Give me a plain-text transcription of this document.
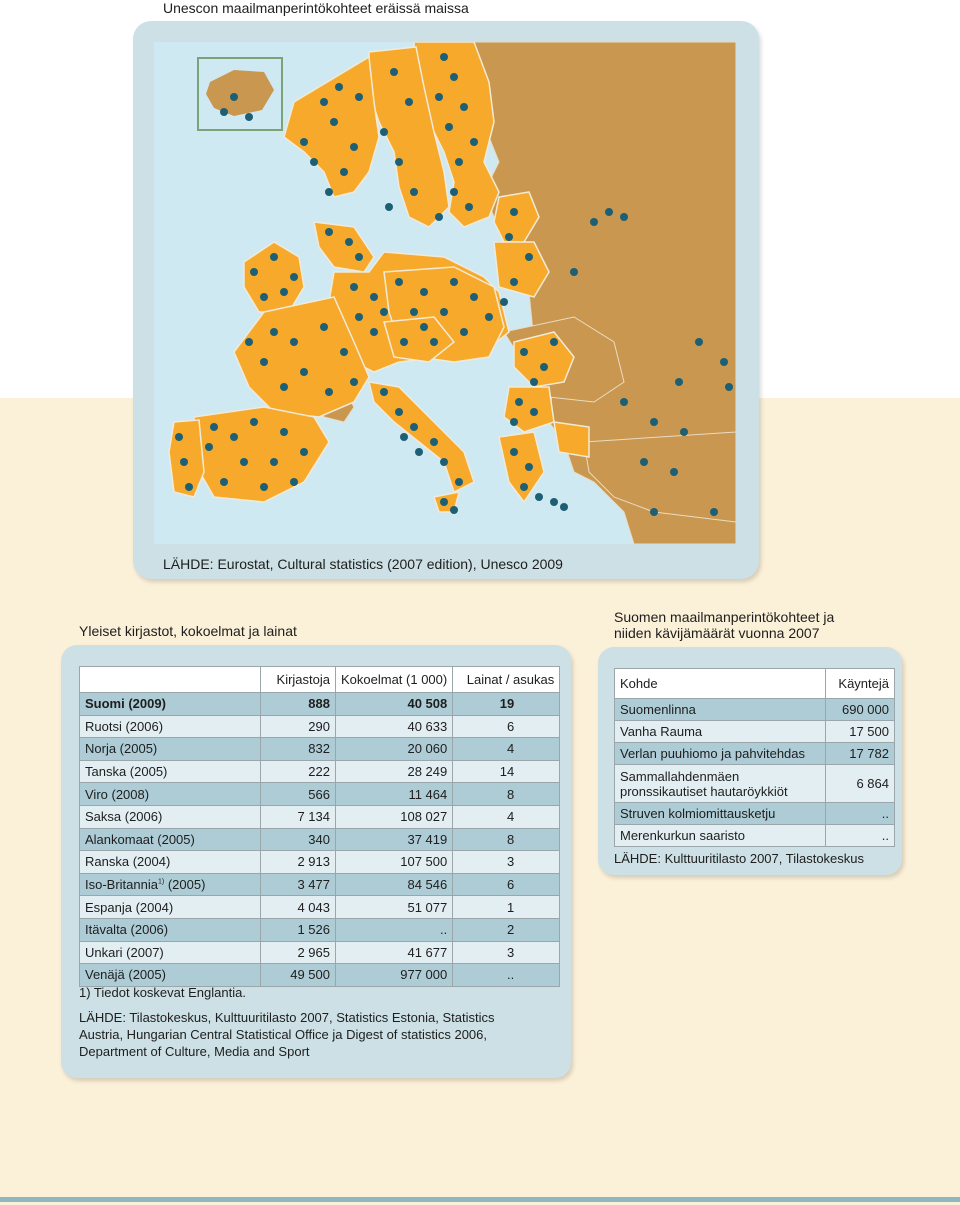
Unescon maailmanperintökohteet eräissä maissa
LÄHDE: Eurostat, Cultural statistics (2007 edition), Unesco 2009
Yleiset kirjastot, kokoelmat ja lainat
Suomen maailmanperintökohteet ja niiden kävijämäärät vuonna 2007
	Kirjastoja	Kokoelmat (1 000)	Lainat / asukas
Suomi (2009)	888	40 508	19
Ruotsi (2006)	290	40 633	6
Norja (2005)	832	20 060	4
Tanska (2005)	222	28 249	14
Viro (2008)	566	11 464	8
Saksa (2006)	7 134	108 027	4
Alankomaat (2005)	340	37 419	8
Ranska (2004)	2 913	107 500	3
Iso-Britannia$^{1)}$ (2005)	3 477	84 546	6
Espanja (2004)	4 043	51 077	1
Itävalta (2006)	1 526	..	2
Unkari (2007)	2 965	41 677	3
Venäjä (2005)	49 500	977 000	..
1) Tiedot koskevat Englantia.
LÄHDE: Tilastokeskus, Kulttuuritilasto 2007, Statistics Estonia, Statistics Austria, Hungarian Central Statistical Office ja Digest of statistics 2006, Department of Culture, Media and Sport
Kohde	Käyntejä
Suomenlinna	690 000
Vanha Rauma	17 500
Verlan puuhiomo ja pahvitehdas	17 782
Sammallahdenmäen pronssikautiset hautaröykkiöt	6 864
Struven kolmiomittausketju	..
Merenkurkun saaristo	..
LÄHDE: Kulttuuritilasto 2007, Tilastokeskus
